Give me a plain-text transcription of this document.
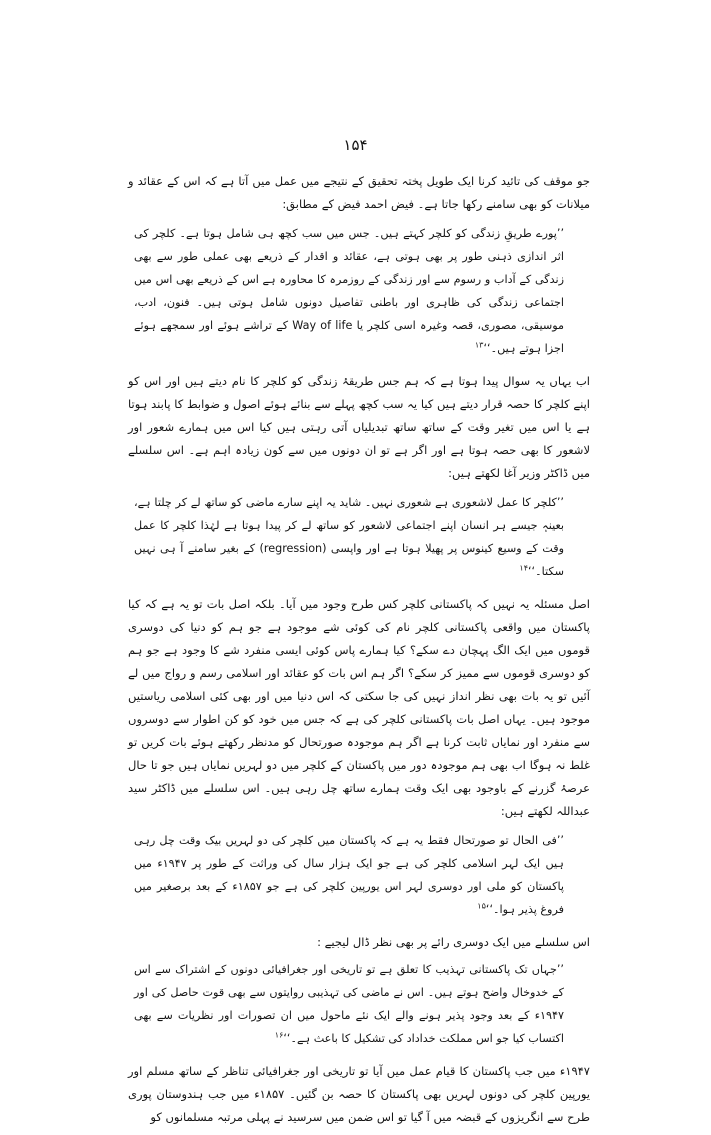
۱۵۴

جو موقف کی تائید کرنا ایک طویل پختہ تحقیق کے نتیجے میں عمل میں آتا ہے کہ اس کے عقائد و میلانات کو بھی سامنے رکھا جاتا ہے۔ فیض احمد فیض کے مطابق:

’’پورے طریقِ زندگی کو کلچر کہتے ہیں۔ جس میں سب کچھ ہی شامل ہوتا ہے۔ کلچر کی اثر اندازی ذہنی طور پر بھی ہوتی ہے، عقائد و اقدار کے ذریعے بھی عملی طور سے بھی زندگی کے آداب و رسوم سے اور زندگی کے روزمرہ کا محاورہ ہے اس کے ذریعے بھی اس میں اجتماعی زندگی کی ظاہری اور باطنی تفاصیل دونوں شامل ہوتی ہیں۔ فنون، ادب، موسیقی، مصوری، قصہ وغیرہ اسی کلچر یا Way of life کے تراشے ہوئے اور سمجھے ہوئے اجزا ہوتے ہیں۔‘‘$^{۱۳}$

اب یہاں یہ سوال پیدا ہوتا ہے کہ ہم جس طریقۂ زندگی کو کلچر کا نام دیتے ہیں اور اس کو اپنے کلچر کا حصہ قرار دیتے ہیں کیا یہ سب کچھ پہلے سے بنائے ہوئے اصول و ضوابط کا پابند ہوتا ہے یا اس میں تغیر وقت کے ساتھ ساتھ تبدیلیاں آتی رہتی ہیں کیا اس میں ہمارے شعور اور لاشعور کا بھی حصہ ہوتا ہے اور اگر ہے تو ان دونوں میں سے کون زیادہ اہم ہے۔ اس سلسلے میں ڈاکٹر وزیر آغا لکھتے ہیں:

’’کلچر کا عمل لاشعوری ہے شعوری نہیں۔ شاید یہ اپنے سارے ماضی کو ساتھ لے کر چلتا ہے، بعینہٖ جیسے ہر انسان اپنے اجتماعی لاشعور کو ساتھ لے کر پیدا ہوتا ہے لہٰذا کلچر کا عمل وقت کے وسیع کینوس پر پھیلا ہوتا ہے اور واپسی (regression) کے بغیر سامنے آ ہی نہیں سکتا۔‘‘$^{۱۴}$

اصل مسئلہ یہ نہیں کہ پاکستانی کلچر کس طرح وجود میں آیا۔ بلکہ اصل بات تو یہ ہے کہ کیا پاکستان میں واقعی پاکستانی کلچر نام کی کوئی شے موجود ہے جو ہم کو دنیا کی دوسری قوموں میں ایک الگ پہچان دے سکے؟ کیا ہمارے پاس کوئی ایسی منفرد شے کا وجود ہے جو ہم کو دوسری قوموں سے ممیز کر سکے؟ اگر ہم اس بات کو عقائد اور اسلامی رسم و رواج میں لے آئیں تو یہ بات بھی نظر انداز نہیں کی جا سکتی کہ اس دنیا میں اور بھی کئی اسلامی ریاستیں موجود ہیں۔ یہاں اصل بات پاکستانی کلچر کی ہے کہ جس میں خود کو کن اطوار سے دوسروں سے منفرد اور نمایاں ثابت کرنا ہے اگر ہم موجودہ صورتحال کو مدنظر رکھتے ہوئے بات کریں تو غلط نہ ہوگا اب بھی ہم موجودہ دور میں پاکستان کے کلچر میں دو لہریں نمایاں ہیں جو تا حال عرصۂ گزرنے کے باوجود بھی ایک وقت ہمارے ساتھ چل رہی ہیں۔ اس سلسلے میں ڈاکٹر سید عبداللہ لکھتے ہیں:

’’فی الحال تو صورتحال فقط یہ ہے کہ پاکستان میں کلچر کی دو لہریں بیک وقت چل رہی ہیں ایک لہر اسلامی کلچر کی ہے جو ایک ہزار سال کی وراثت کے طور پر ۱۹۴۷ء میں پاکستان کو ملی اور دوسری لہر اس یورپین کلچر کی ہے جو ۱۸۵۷ء کے بعد برصغیر میں فروغ پذیر ہوا۔‘‘$^{۱۵}$

اس سلسلے میں ایک دوسری رائے پر بھی نظر ڈال لیجیے :

’’جہاں تک پاکستانی تہذیب کا تعلق ہے تو تاریخی اور جغرافیائی دونوں کے اشتراک سے اس کے خدوخال واضح ہوتے ہیں۔ اس نے ماضی کی تہذیبی روایتوں سے بھی قوت حاصل کی اور ۱۹۴۷ء کے بعد وجود پذیر ہونے والے ایک نئے ماحول میں ان تصورات اور نظریات سے بھی اکتساب کیا جو اس مملکت خداداد کی تشکیل کا باعث ہے۔‘‘$^{۱۶}$

۱۹۴۷ء میں جب پاکستان کا قیام عمل میں آیا تو تاریخی اور جغرافیائی تناظر کے ساتھ مسلم اور یورپین کلچر کی دونوں لہریں بھی پاکستان کا حصہ بن گئیں۔ ۱۸۵۷ء میں جب ہندوستان پوری طرح سے انگریزوں کے قبضہ میں آ گیا تو اس ضمن میں سرسید نے پہلی مرتبہ مسلمانوں کو
